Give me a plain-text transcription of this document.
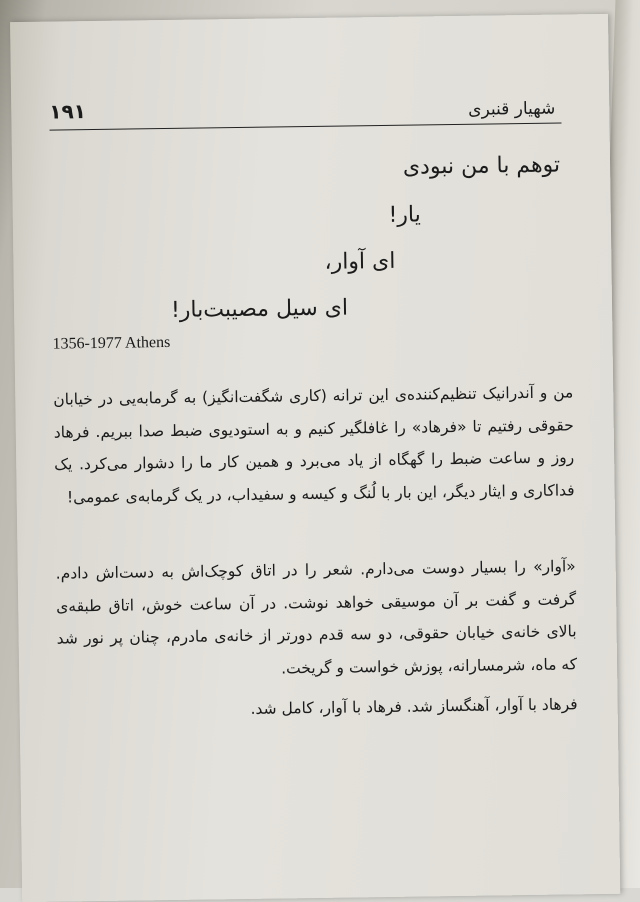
۱۹۱	شهیار قنبری
توهم با من نبودی
یار!
ای آوار،
ای سیل مصیبت‌بار!
1356-1977 Athens
من و آندرانیک تنظیم‌کننده‌ی این ترانه (کاری شگفت‌انگیز) به گرمابه‌یی در خیابان حقوقی رفتیم تا «فرهاد» را غافلگیر کنیم و به استودیوی ضبط صدا ببریم. فرهاد روز و ساعت ضبط را گهگاه از یاد می‌برد و همین کار ما را دشوار می‌کرد. یک فداکاری و ایثار دیگر، این بار با لُنگ و کیسه و سفیداب، در یک گرمابه‌ی عمومی!
«آوار» را بسیار دوست می‌دارم. شعر را در اتاق کوچک‌اش به دست‌اش دادم. گرفت و گفت بر آن موسیقی خواهد نوشت. در آن ساعت خوش، اتاق طبقه‌ی بالای خانه‌ی خیابان حقوقی، دو سه قدم دورتر از خانه‌ی مادرم، چنان پر نور شد که ماه، شرمسارانه، پوزش خواست و گریخت.
فرهاد با آوار، آهنگساز شد. فرهاد با آوار، کامل شد.
